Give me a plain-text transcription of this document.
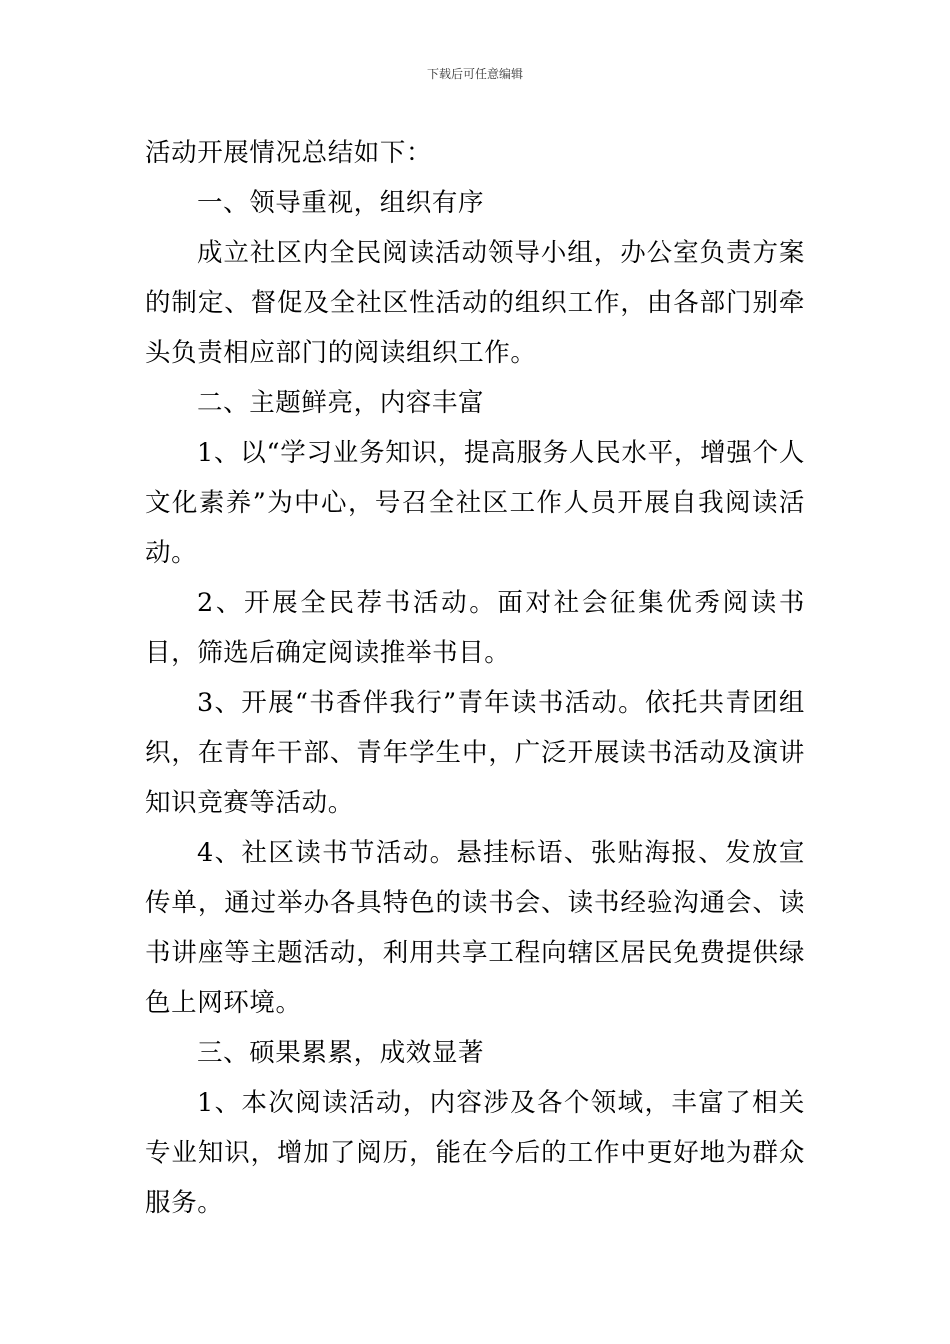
下载后可任意编辑

活动开展情况总结如下：

一、领导重视，组织有序

成立社区内全民阅读活动领导小组，办公室负责方案的制定、督促及全社区性活动的组织工作，由各部门别牵头负责相应部门的阅读组织工作。

二、主题鲜亮，内容丰富

1、以“学习业务知识，提高服务人民水平，增强个人文化素养”为中心，号召全社区工作人员开展自我阅读活动。

2、开展全民荐书活动。面对社会征集优秀阅读书目，筛选后确定阅读推举书目。

3、开展“书香伴我行”青年读书活动。依托共青团组织，在青年干部、青年学生中，广泛开展读书活动及演讲知识竞赛等活动。

4、社区读书节活动。悬挂标语、张贴海报、发放宣传单，通过举办各具特色的读书会、读书经验沟通会、读书讲座等主题活动，利用共享工程向辖区居民免费提供绿色上网环境。

三、硕果累累，成效显著

1、本次阅读活动，内容涉及各个领域，丰富了相关专业知识，增加了阅历，能在今后的工作中更好地为群众服务。
